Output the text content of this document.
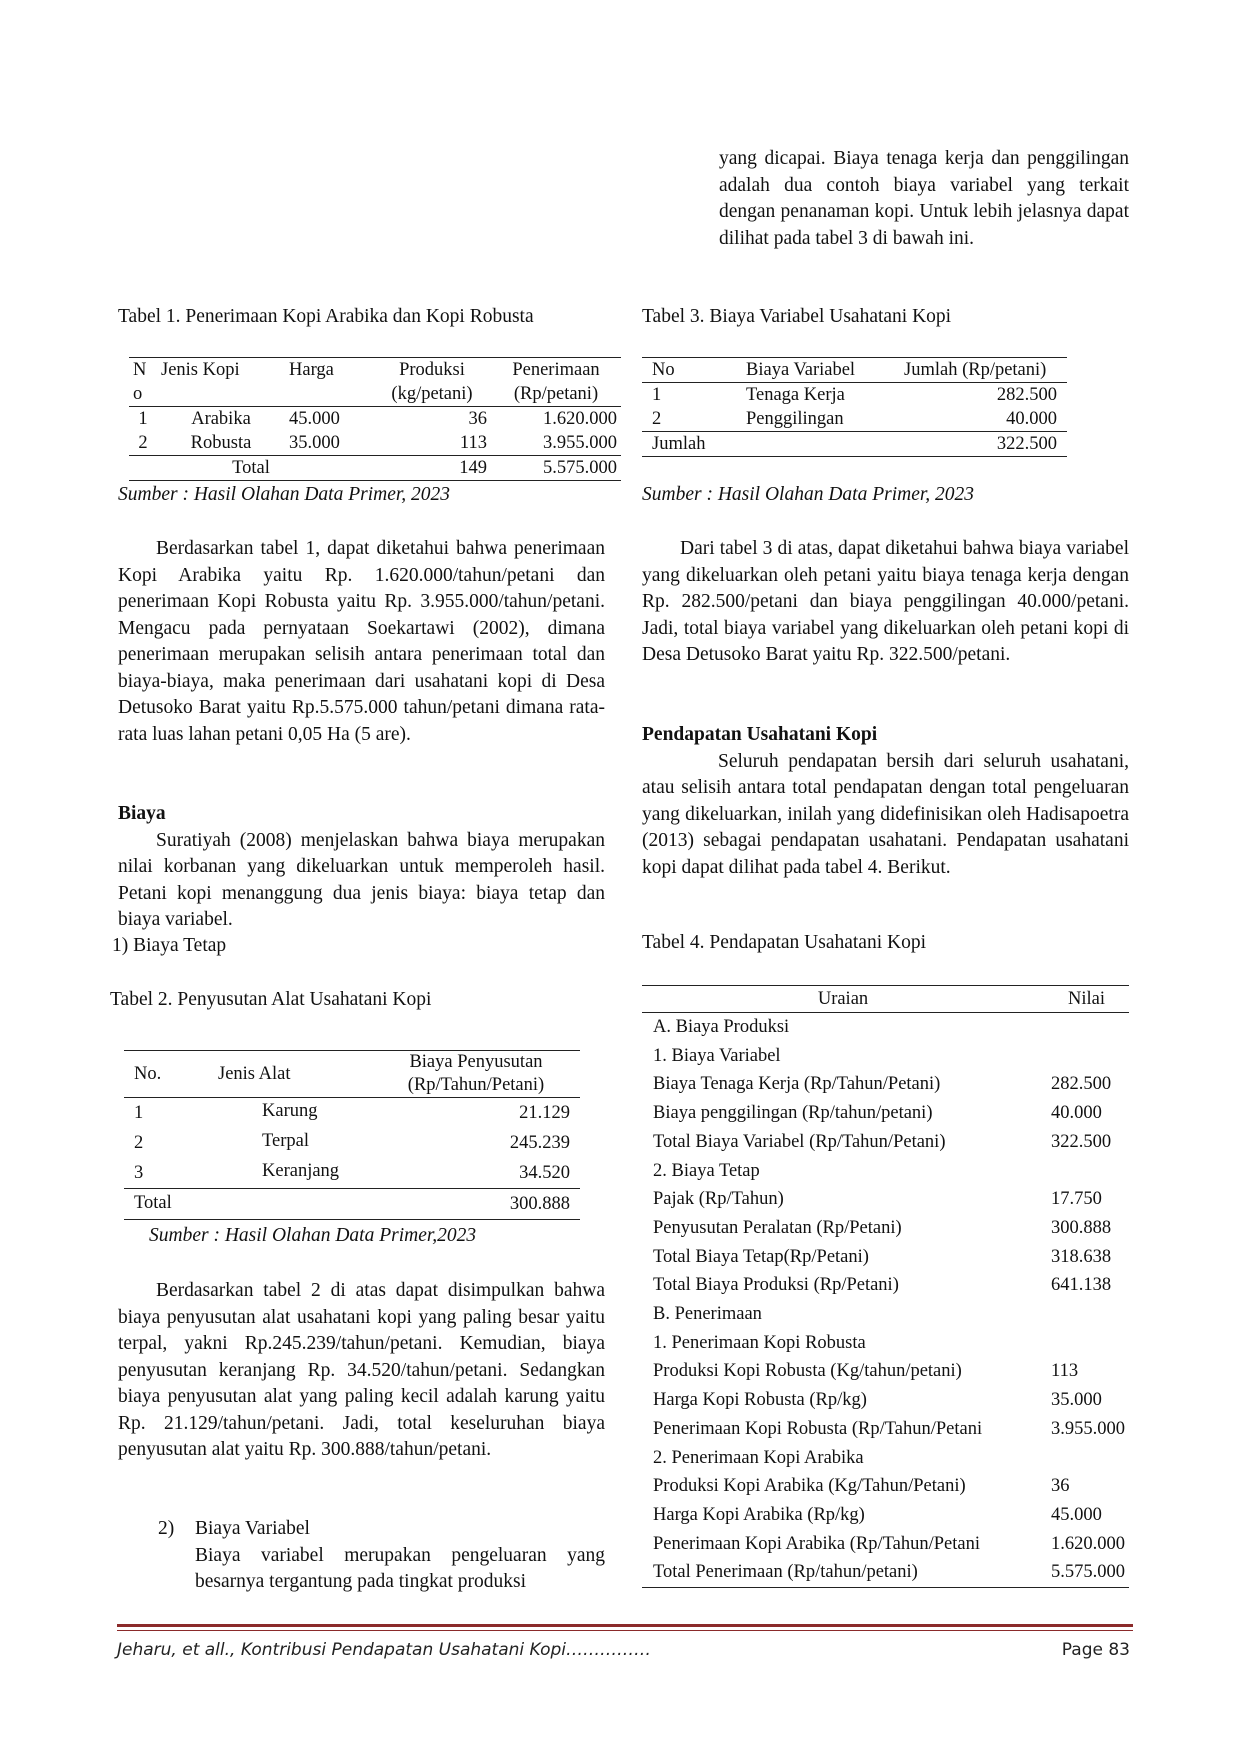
yang dicapai. Biaya tenaga kerja dan penggilingan adalah dua contoh biaya variabel yang terkait dengan penanaman kopi. Untuk lebih jelasnya dapat dilihat pada tabel 3 di bawah ini.

Tabel 1. Penerimaan Kopi Arabika dan Kopi Robusta
N o	Jenis Kopi	Harga	Produksi (kg/petani)	Penerimaan (Rp/petani)
1	Arabika	45.000	36	1.620.000
2	Robusta	35.000	113	3.955.000
Total			149	5.575.000
Sumber : Hasil Olahan Data Primer, 2023
Tabel 3. Biaya Variabel Usahatani Kopi
No	Biaya Variabel	Jumlah (Rp/petani)
1	Tenaga Kerja	282.500
2	Penggilingan	40.000
Jumlah		322.500
Sumber : Hasil Olahan Data Primer, 2023

Berdasarkan tabel 1, dapat diketahui bahwa penerimaan Kopi Arabika yaitu Rp. 1.620.000/tahun/petani dan penerimaan Kopi Robusta yaitu Rp. 3.955.000/tahun/petani. Mengacu pada pernyataan Soekartawi (2002), dimana penerimaan merupakan selisih antara penerimaan total dan biaya-biaya, maka penerimaan dari usahatani kopi di Desa Detusoko Barat yaitu Rp.5.575.000 tahun/petani dimana rata-rata luas lahan petani 0,05 Ha (5 are).

Biaya

Suratiyah (2008) menjelaskan bahwa biaya merupakan nilai korbanan yang dikeluarkan untuk memperoleh hasil. Petani kopi menanggung dua jenis biaya: biaya tetap dan biaya variabel.

1) Biaya Tetap
Tabel 2. Penyusutan Alat Usahatani Kopi
No.	Jenis Alat	Biaya Penyusutan (Rp/Tahun/Petani)
1	Karung	21.129
2	Terpal	245.239
3	Keranjang	34.520
Total		300.888
Sumber : Hasil Olahan Data Primer,2023

Berdasarkan tabel 2 di atas dapat disimpulkan bahwa biaya penyusutan alat usahatani kopi yang paling besar yaitu terpal, yakni Rp.245.239/tahun/petani. Kemudian, biaya penyusutan keranjang Rp. 34.520/tahun/petani. Sedangkan biaya penyusutan alat yang paling kecil adalah karung yaitu Rp. 21.129/tahun/petani. Jadi, total keseluruhan biaya penyusutan alat yaitu Rp. 300.888/tahun/petani.

2) Biaya Variabel

Biaya variabel merupakan pengeluaran yang besarnya tergantung pada tingkat produksi

Dari tabel 3 di atas, dapat diketahui bahwa biaya variabel yang dikeluarkan oleh petani yaitu biaya tenaga kerja dengan Rp. 282.500/petani dan biaya penggilingan 40.000/petani. Jadi, total biaya variabel yang dikeluarkan oleh petani kopi di Desa Detusoko Barat yaitu Rp. 322.500/petani.

Pendapatan Usahatani Kopi

Seluruh pendapatan bersih dari seluruh usahatani, atau selisih antara total pendapatan dengan total pengeluaran yang dikeluarkan, inilah yang didefinisikan oleh Hadisapoetra (2013) sebagai pendapatan usahatani. Pendapatan usahatani kopi dapat dilihat pada tabel 4. Berikut.

Tabel 4. Pendapatan Usahatani Kopi
Uraian	Nilai
A. Biaya Produksi	
1. Biaya Variabel	
Biaya Tenaga Kerja (Rp/Tahun/Petani)	282.500
Biaya penggilingan (Rp/tahun/petani)	40.000
Total Biaya Variabel (Rp/Tahun/Petani)	322.500
2. Biaya Tetap	
Pajak (Rp/Tahun)	17.750
Penyusutan Peralatan (Rp/Petani)	300.888
Total Biaya Tetap(Rp/Petani)	318.638
Total Biaya Produksi (Rp/Petani)	641.138
B. Penerimaan	
1. Penerimaan Kopi Robusta	
Produksi Kopi Robusta (Kg/tahun/petani)	113
Harga Kopi Robusta (Rp/kg)	35.000
Penerimaan Kopi Robusta (Rp/Tahun/Petani	3.955.000
2. Penerimaan Kopi Arabika	
Produksi Kopi Arabika (Kg/Tahun/Petani)	36
Harga Kopi Arabika (Rp/kg)	45.000
Penerimaan Kopi Arabika (Rp/Tahun/Petani	1.620.000
Total Penerimaan (Rp/tahun/petani)	5.575.000
Jeharu, et all., Kontribusi Pendapatan Usahatani Kopi……………	Page 83
